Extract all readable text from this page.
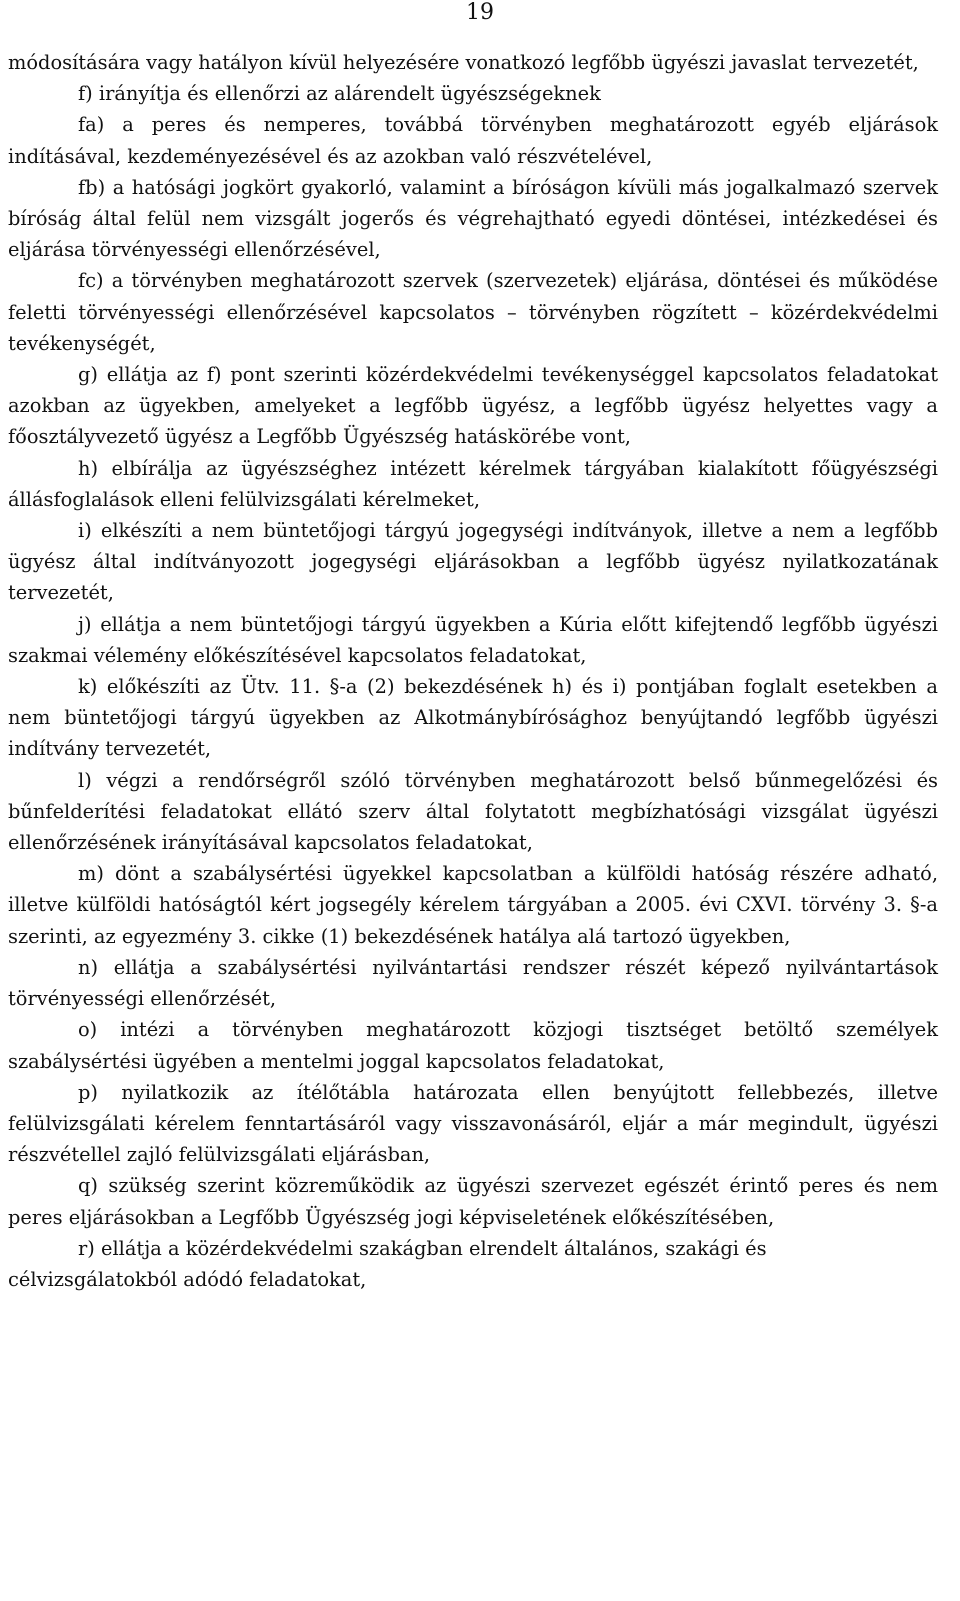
19

módosítására vagy hatályon kívül helyezésére vonatkozó legfőbb ügyészi javaslat tervezetét,

f) irányítja és ellenőrzi az alárendelt ügyészségeknek

fa) a peres és nemperes, továbbá törvényben meghatározott egyéb eljárások indításával, kezdeményezésével és az azokban való részvételével,

fb) a hatósági jogkört gyakorló, valamint a bíróságon kívüli más jogalkalmazó szervek bíróság által felül nem vizsgált jogerős és végrehajtható egyedi döntései, intézkedései és eljárása törvényességi ellenőrzésével,

fc) a törvényben meghatározott szervek (szervezetek) eljárása, döntései és működése feletti törvényességi ellenőrzésével kapcsolatos – törvényben rögzített – közérdekvédelmi tevékenységét,

g) ellátja az f) pont szerinti közérdekvédelmi tevékenységgel kapcsolatos feladatokat azokban az ügyekben, amelyeket a legfőbb ügyész, a legfőbb ügyész helyettes vagy a főosztályvezető ügyész a Legfőbb Ügyészség hatáskörébe vont,

h) elbírálja az ügyészséghez intézett kérelmek tárgyában kialakított főügyészségi állásfoglalások elleni felülvizsgálati kérelmeket,

i) elkészíti a nem büntetőjogi tárgyú jogegységi indítványok, illetve a nem a legfőbb ügyész által indítványozott jogegységi eljárásokban a legfőbb ügyész nyilatkozatának tervezetét,

j) ellátja a nem büntetőjogi tárgyú ügyekben a Kúria előtt kifejtendő legfőbb ügyészi szakmai vélemény előkészítésével kapcsolatos feladatokat,

k) előkészíti az Ütv. 11. §-a (2) bekezdésének h) és i) pontjában foglalt esetekben a nem büntetőjogi tárgyú ügyekben az Alkotmánybírósághoz benyújtandó legfőbb ügyészi indítvány tervezetét,

l) végzi a rendőrségről szóló törvényben meghatározott belső bűnmegelőzési és bűnfelderítési feladatokat ellátó szerv által folytatott megbízhatósági vizsgálat ügyészi ellenőrzésének irányításával kapcsolatos feladatokat,

m) dönt a szabálysértési ügyekkel kapcsolatban a külföldi hatóság részére adható, illetve külföldi hatóságtól kért jogsegély kérelem tárgyában a 2005. évi CXVI. törvény 3. §-a szerinti, az egyezmény 3. cikke (1) bekezdésének hatálya alá tartozó ügyekben,

n) ellátja a szabálysértési nyilvántartási rendszer részét képező nyilvántartások törvényességi ellenőrzését,

o) intézi a törvényben meghatározott közjogi tisztséget betöltő személyek szabálysértési ügyében a mentelmi joggal kapcsolatos feladatokat,

p) nyilatkozik az ítélőtábla határozata ellen benyújtott fellebbezés, illetve felülvizsgálati kérelem fenntartásáról vagy visszavonásáról, eljár a már megindult, ügyészi részvétellel zajló felülvizsgálati eljárásban,

q) szükség szerint közreműködik az ügyészi szervezet egészét érintő peres és nem peres eljárásokban a Legfőbb Ügyészség jogi képviseletének előkészítésében,

r) ellátja a közérdekvédelmi szakágban elrendelt általános, szakági és célvizsgálatokból adódó feladatokat,
